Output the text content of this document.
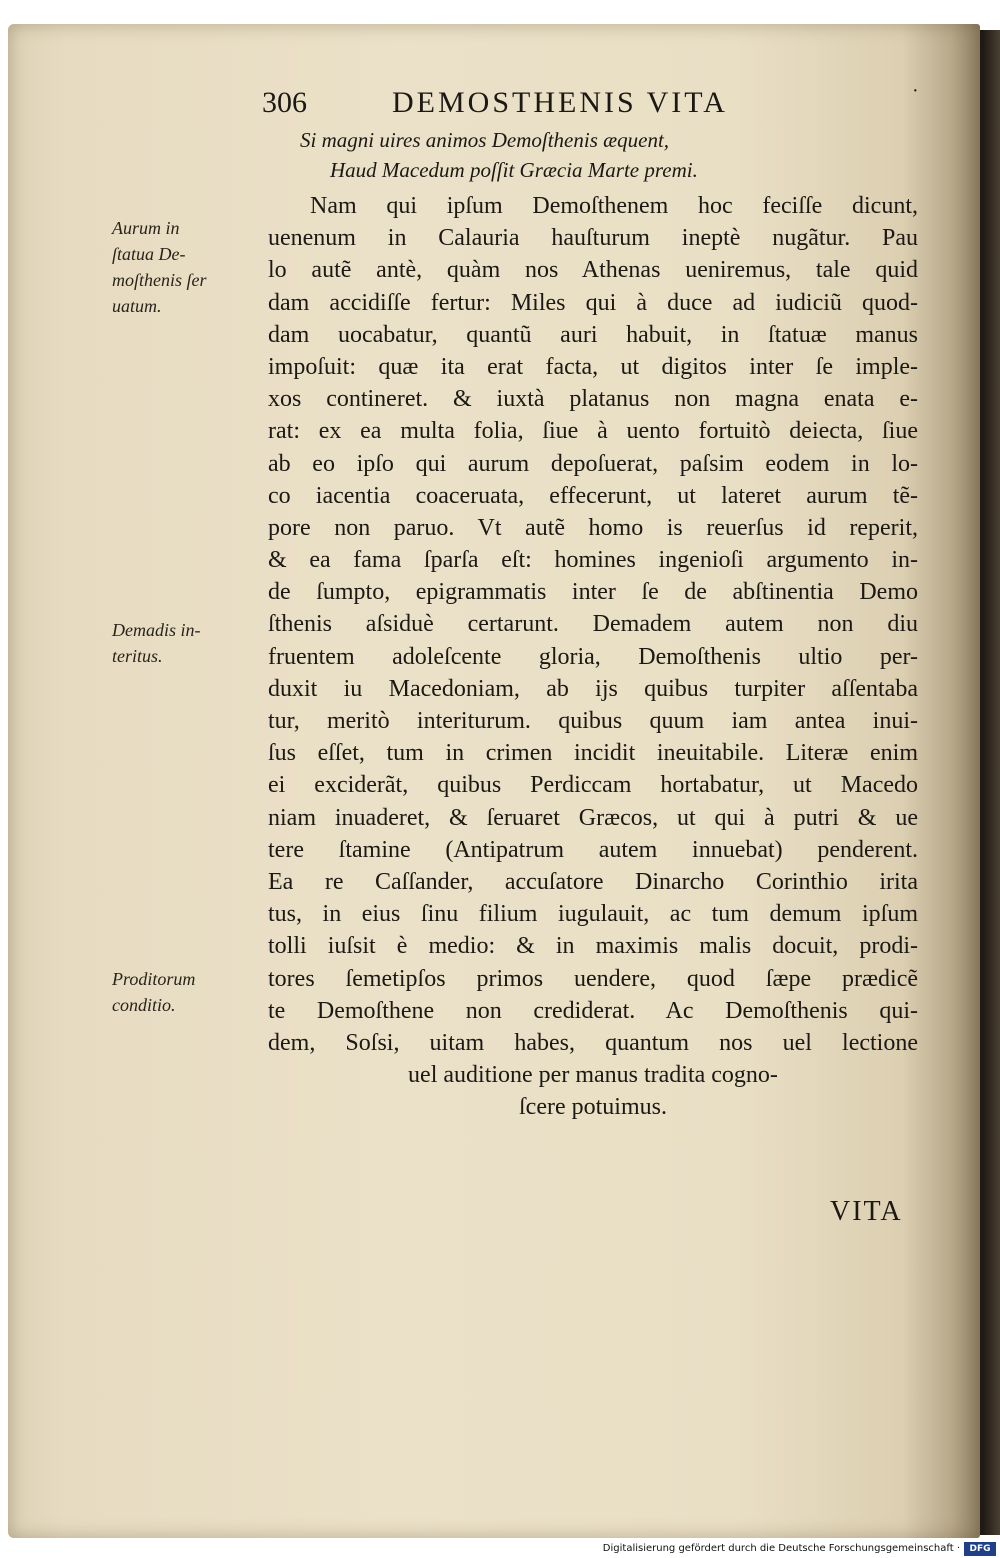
306	DEMOSTHENIS VITA	·
Si magni uires animos Demoſthenis æquent,
Haud Macedum poſſit Græcia Marte premi.
Aurum in
ſtatua De-
moſthenis ſer
uatum.
Demadis in-
teritus.
Proditorum
conditio.
Nam qui ipſum Demoſthenem hoc feciſſe dicunt,
uenenum in Calauria hauſturum ineptè nugãtur. Pau
lo autẽ antè, quàm nos Athenas ueniremus, tale quid
dam accidiſſe fertur: Miles qui à duce ad iudiciũ quod-
dam uocabatur, quantũ auri habuit, in ſtatuæ manus
impoſuit: quæ ita erat facta, ut digitos inter ſe imple-
xos contineret. & iuxtà platanus non magna enata e-
rat: ex ea multa folia, ſiue à uento fortuitò deiecta, ſiue
ab eo ipſo qui aurum depoſuerat, paſsim eodem in lo-
co iacentia coaceruata, effecerunt, ut lateret aurum tẽ-
pore non paruo. Vt autẽ homo is reuerſus id reperit,
& ea fama ſparſa eſt: homines ingenioſi argumento in-
de ſumpto, epigrammatis inter ſe de abſtinentia Demo
ſthenis aſsiduè certarunt. Demadem autem non diu
fruentem adoleſcente gloria, Demoſthenis ultio per-
duxit iu Macedoniam, ab ijs quibus turpiter aſſentaba
tur, meritò interiturum. quibus quum iam antea inui-
ſus eſſet, tum in crimen incidit ineuitabile. Literæ enim
ei exciderãt, quibus Perdiccam hortabatur, ut Macedo
niam inuaderet, & ſeruaret Græcos, ut qui à putri & ue
tere ſtamine (Antipatrum autem innuebat) penderent.
Ea re Caſſander, accuſatore Dinarcho Corinthio irita
tus, in eius ſinu filium iugulauit, ac tum demum ipſum
tolli iuſsit è medio: & in maximis malis docuit, prodi-
tores ſemetipſos primos uendere, quod ſæpe prædicẽ
te Demoſthene non crediderat. Ac Demoſthenis qui-
dem, Soſsi, uitam habes, quantum nos uel lectione
uel auditione per manus tradita cogno-
ſcere potuimus.
VITA
Digitalisierung gefördert durch die Deutsche Forschungsgemeinschaft ·	DFG
